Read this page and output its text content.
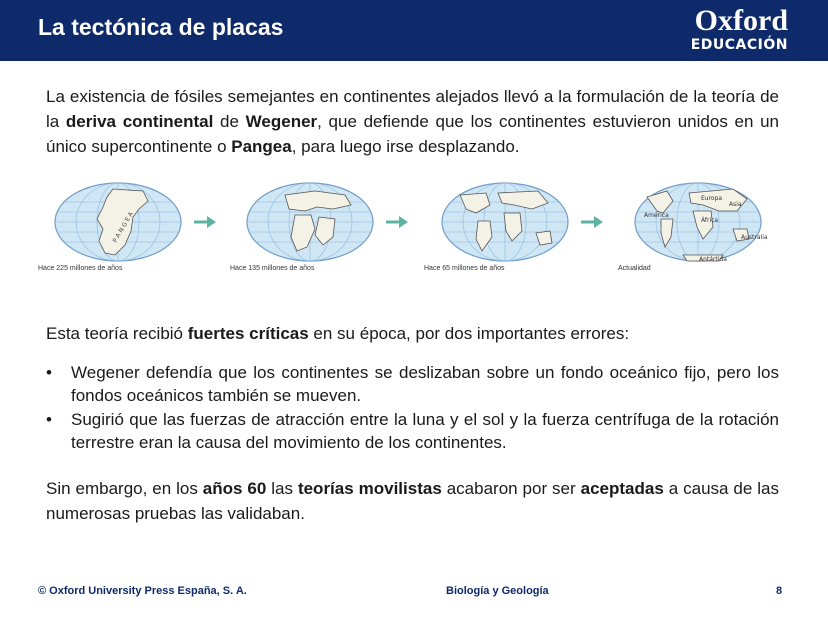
La tectónica de placas	Oxford
EDUCACIÓN
La existencia de fósiles semejantes en continentes alejados llevó a la formulación de la teoría de la deriva continental de Wegener, que defiende que los continentes estuvieron unidos en un único supercontinente o Pangea, para luego irse desplazando.
P A N G E A
Europa
Asia
América
África
Australia
Antártida
Hace 225 millones de años	Hace 135 millones de años	Hace 65 millones de años	Actualidad
Esta teoría recibió fuertes críticas en su época, por dos importantes errores:
• Wegener defendía que los continentes se deslizaban sobre un fondo oceánico fijo, pero los fondos oceánicos también se mueven.
• Sugirió que las fuerzas de atracción entre la luna y el sol y la fuerza centrífuga de la rotación terrestre eran la causa del movimiento de los continentes.
Sin embargo, en los años 60 las teorías movilistas acabaron por ser aceptadas a causa de las numerosas pruebas las validaban.
© Oxford University Press España, S. A.	Biología y Geología	8
